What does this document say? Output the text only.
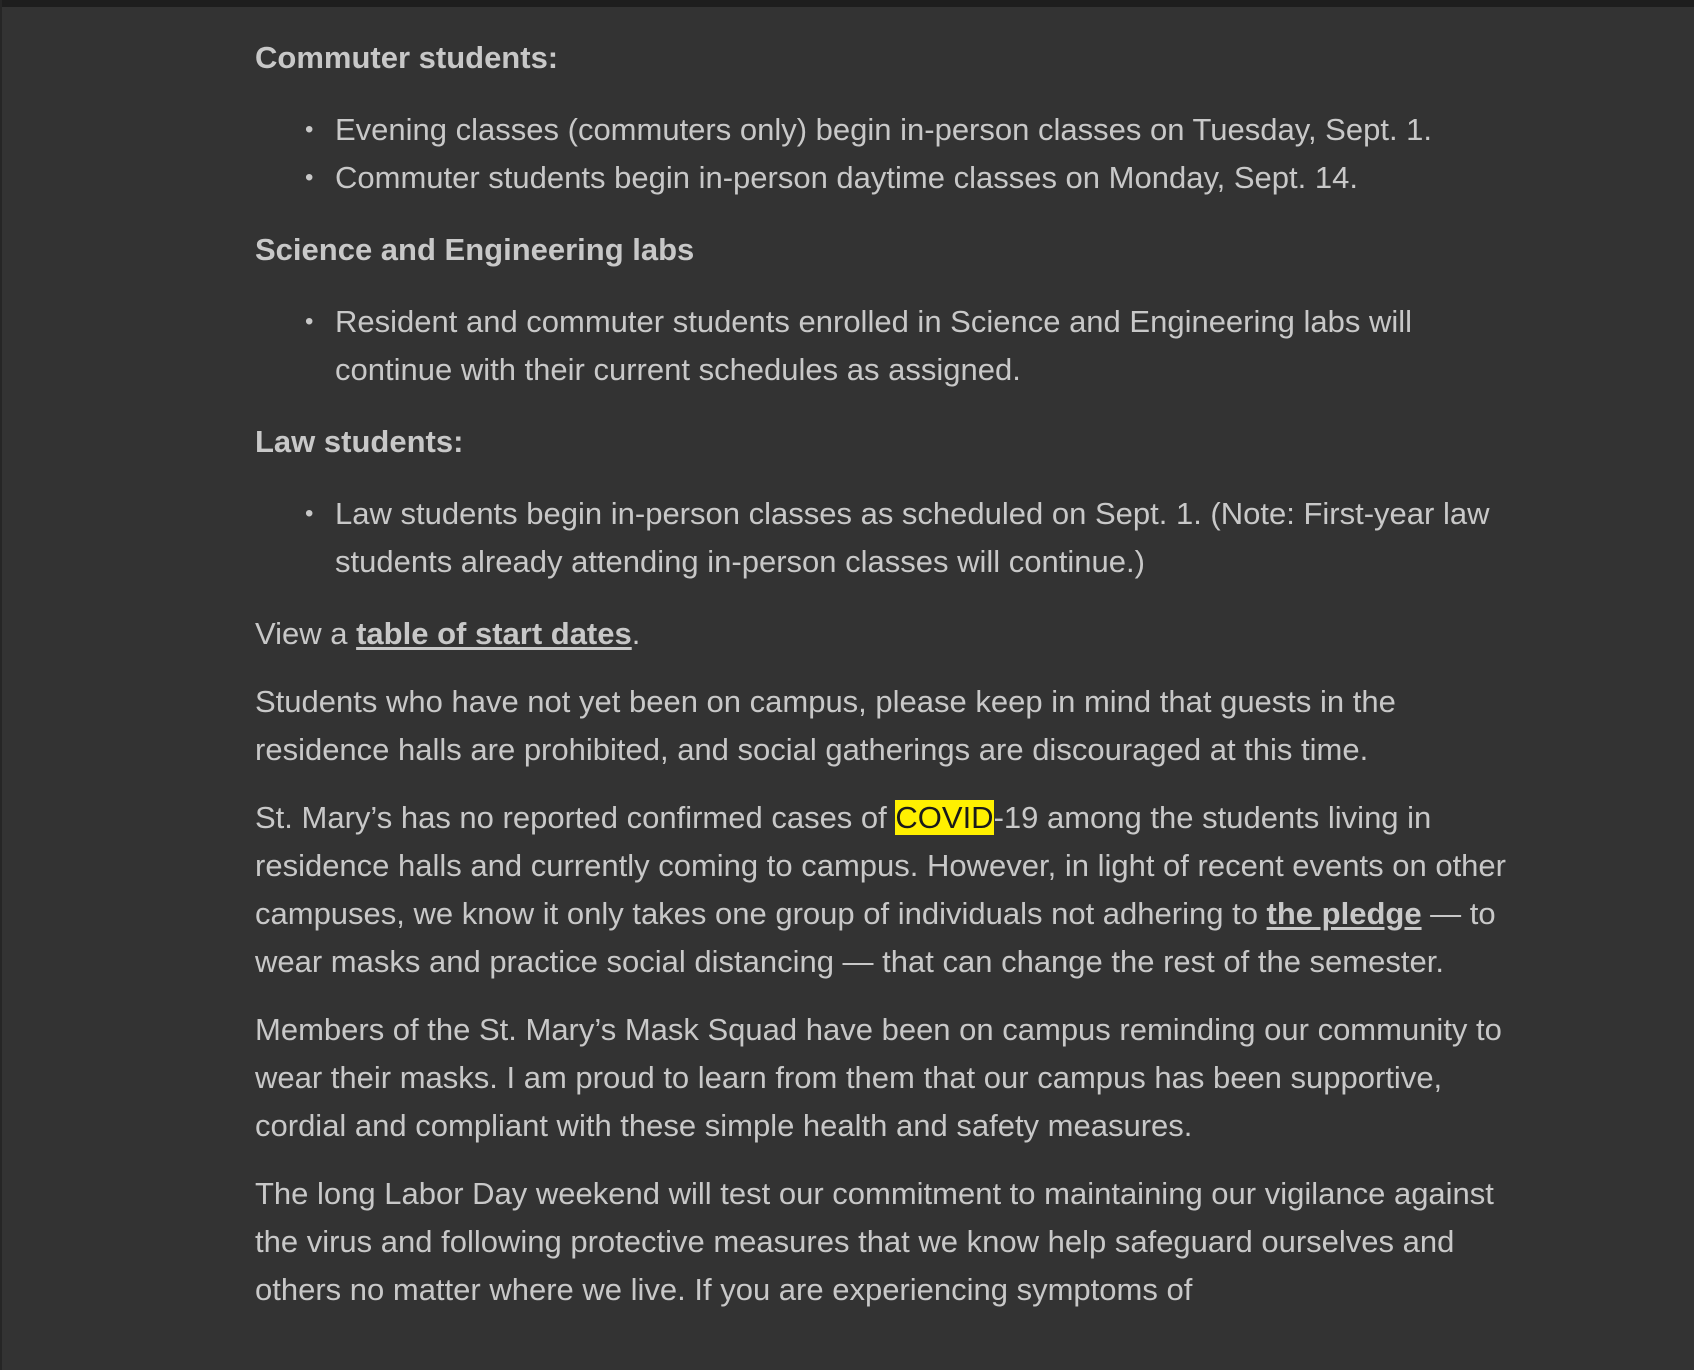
Commuter students:
• Evening classes (commuters only) begin in-person classes on Tuesday, Sept. 1.
• Commuter students begin in-person daytime classes on Monday, Sept. 14.
Science and Engineering labs
• Resident and commuter students enrolled in Science and Engineering labs will continue with their current schedules as assigned.
Law students:
• Law students begin in-person classes as scheduled on Sept. 1. (Note: First-year law students already attending in-person classes will continue.)

View a table of start dates.

Students who have not yet been on campus, please keep in mind that guests in the residence halls are prohibited, and social gatherings are discouraged at this time.

St. Mary’s has no reported confirmed cases of COVID-19 among the students living in residence halls and currently coming to campus. However, in light of recent events on other campuses, we know it only takes one group of individuals not adhering to the pledge — to wear masks and practice social distancing — that can change the rest of the semester.

Members of the St. Mary’s Mask Squad have been on campus reminding our community to wear their masks. I am proud to learn from them that our campus has been supportive, cordial and compliant with these simple health and safety measures.

The long Labor Day weekend will test our commitment to maintaining our vigilance against the virus and following protective measures that we know help safeguard ourselves and others no matter where we live. If you are experiencing symptoms of
